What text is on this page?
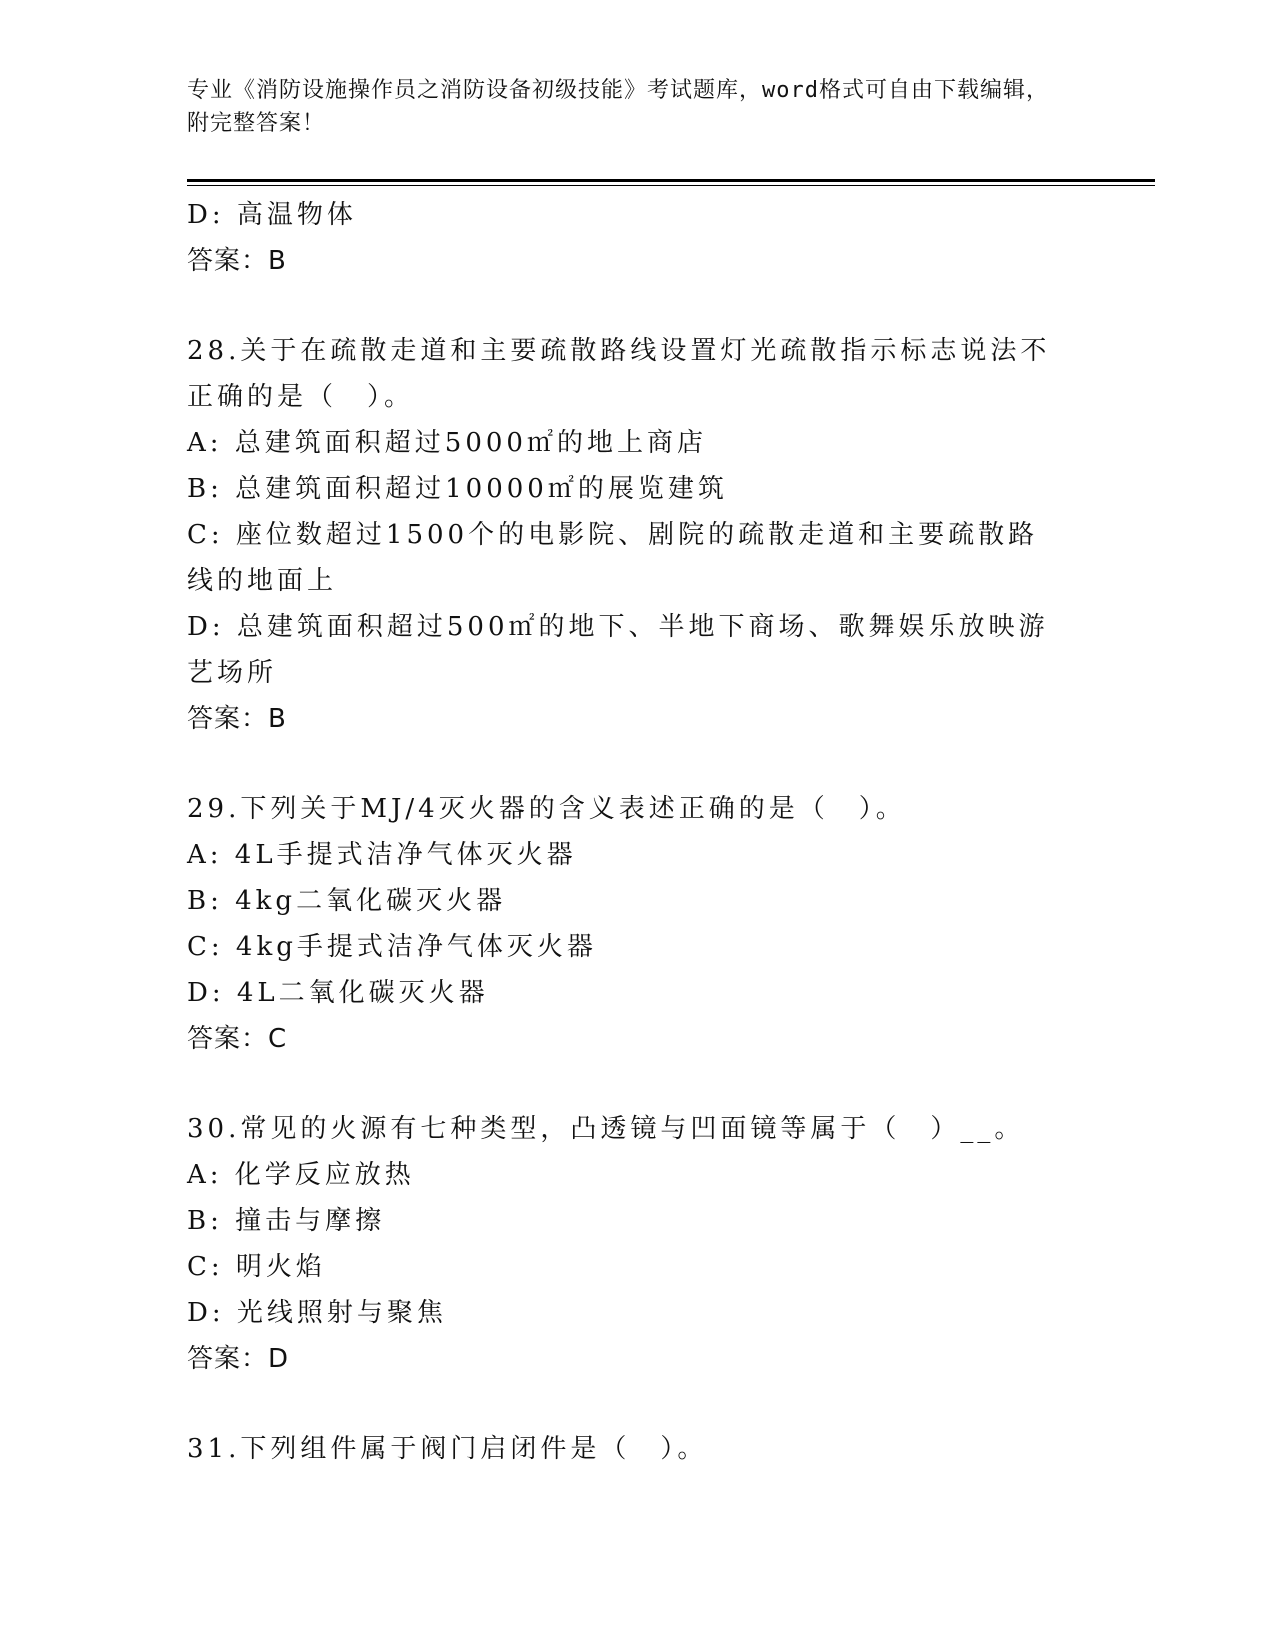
专业《消防设施操作员之消防设备初级技能》考试题库，word格式可自由下载编辑，附完整答案！
D: 高温物体
答案：B
28.关于在疏散走道和主要疏散路线设置灯光疏散指示标志说法不正确的是（　）。
A: 总建筑面积超过5000㎡的地上商店
B: 总建筑面积超过10000㎡的展览建筑
C: 座位数超过1500个的电影院、剧院的疏散走道和主要疏散路线的地面上
D: 总建筑面积超过500㎡的地下、半地下商场、歌舞娱乐放映游艺场所
答案：B
29.下列关于MJ/4灭火器的含义表述正确的是（　）。
A: 4L手提式洁净气体灭火器
B: 4kg二氧化碳灭火器
C: 4kg手提式洁净气体灭火器
D: 4L二氧化碳灭火器
答案：C
30.常见的火源有七种类型，凸透镜与凹面镜等属于（　）__。
A: 化学反应放热
B: 撞击与摩擦
C: 明火焰
D: 光线照射与聚焦
答案：D
31.下列组件属于阀门启闭件是（　）。
